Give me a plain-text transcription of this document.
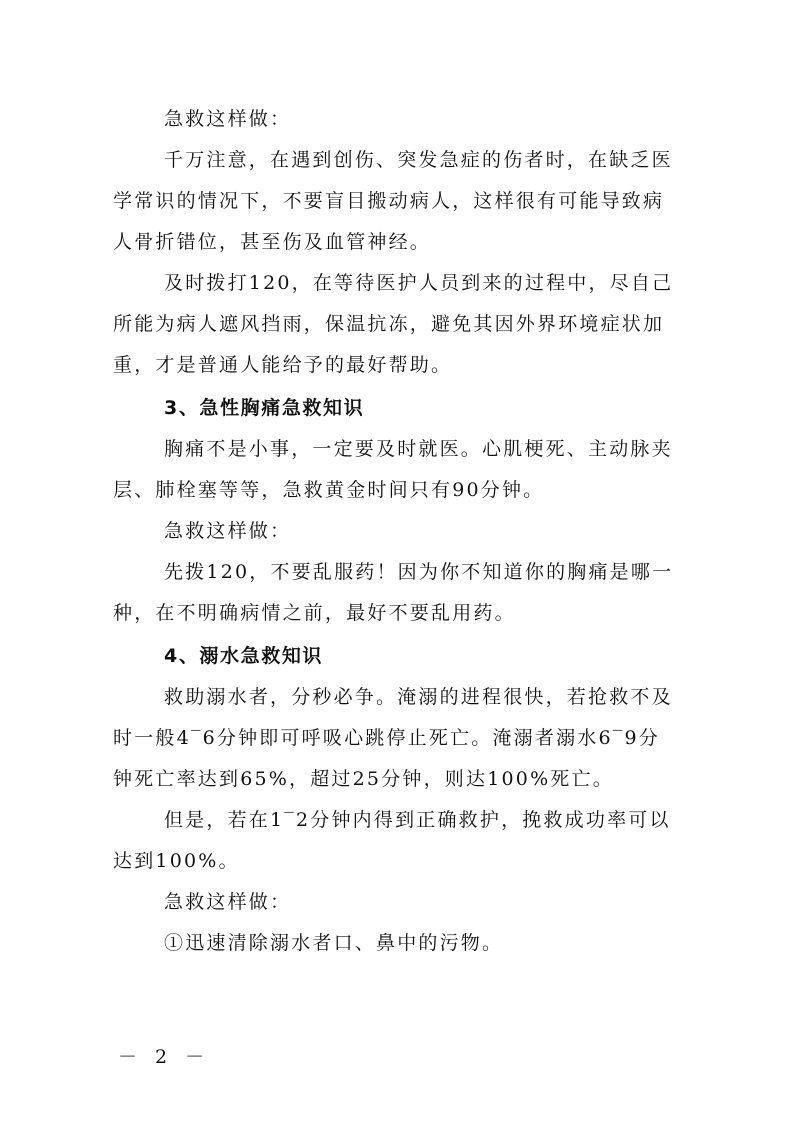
急救这样做：
千万注意，在遇到创伤、突发急症的伤者时，在缺乏医
学常识的情况下，不要盲目搬动病人，这样很有可能导致病
人骨折错位，甚至伤及血管神经。
及时拨打120，在等待医护人员到来的过程中，尽自己
所能为病人遮风挡雨，保温抗冻，避免其因外界环境症状加
重，才是普通人能给予的最好帮助。
3、急性胸痛急救知识
胸痛不是小事，一定要及时就医。心肌梗死、主动脉夹
层、肺栓塞等等，急救黄金时间只有90分钟。
急救这样做：
先拨120，不要乱服药！因为你不知道你的胸痛是哪一
种，在不明确病情之前，最好不要乱用药。
4、溺水急救知识
救助溺水者，分秒必争。淹溺的进程很快，若抢救不及
时一般4‾6分钟即可呼吸心跳停止死亡。淹溺者溺水6‾9分
钟死亡率达到65%，超过25分钟，则达100%死亡。
但是，若在1‾2分钟内得到正确救护，挽救成功率可以
达到100%。
急救这样做：
①迅速清除溺水者口、鼻中的污物。
－ 2 －
